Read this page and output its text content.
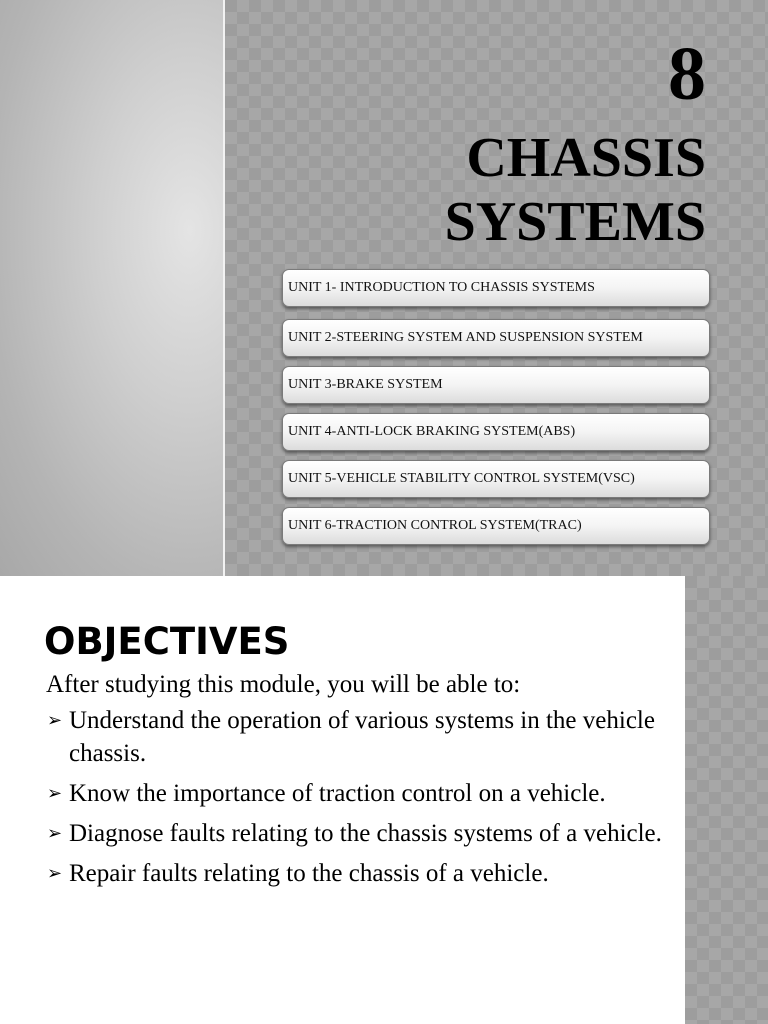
8
CHASSIS
SYSTEMS
UNIT 1- INTRODUCTION TO CHASSIS SYSTEMS
UNIT 2-STEERING SYSTEM AND SUSPENSION SYSTEM
UNIT 3-BRAKE SYSTEM
UNIT 4-ANTI-LOCK BRAKING SYSTEM(ABS)
UNIT 5-VEHICLE STABILITY CONTROL SYSTEM(VSC)
UNIT 6-TRACTION CONTROL SYSTEM(TRAC)
OBJECTIVES
After studying this module, you will be able to:
➢ Understand the operation of various systems in the vehicle chassis.
➢ Know the importance of traction control on a vehicle.
➢ Diagnose faults relating to the chassis systems of a vehicle.
➢ Repair faults relating to the chassis of a vehicle.
